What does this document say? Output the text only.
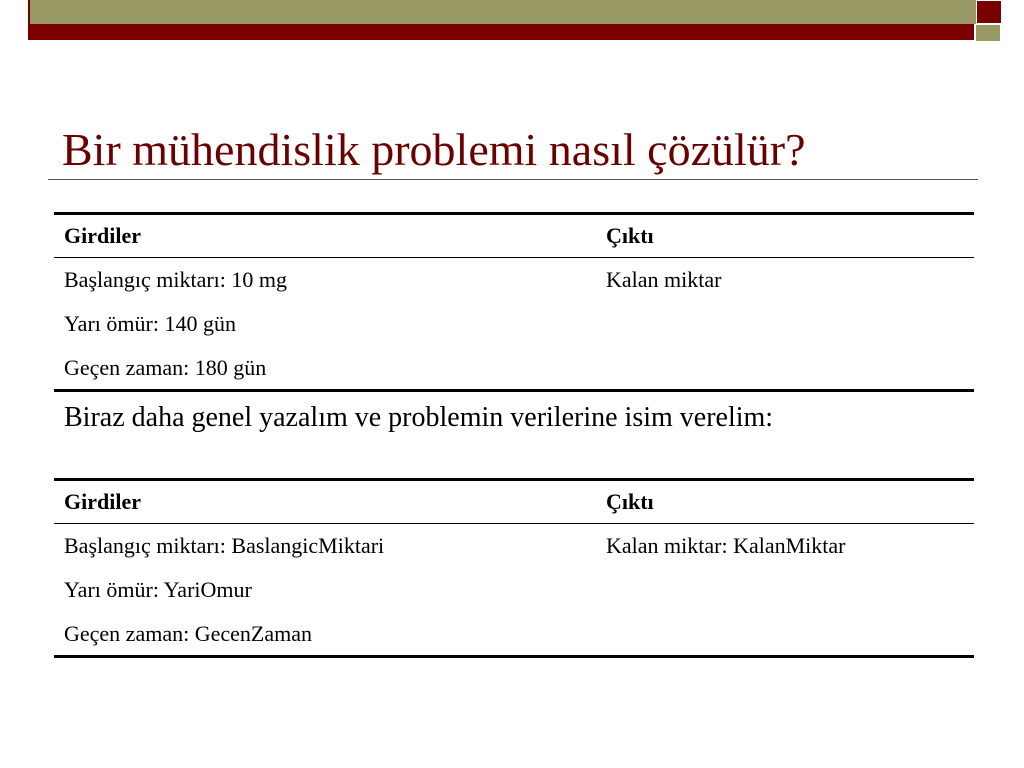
Bir mühendislik problemi nasıl çözülür?
Girdiler	Çıktı
Başlangıç miktarı: 10 mg	Kalan miktar
Yarı ömür: 140 gün
Geçen zaman: 180 gün

Biraz daha genel yazalım ve problemin verilerine isim verelim:

Girdiler	Çıktı
Başlangıç miktarı: BaslangicMiktari	Kalan miktar: KalanMiktar
Yarı ömür: YariOmur
Geçen zaman: GecenZaman
